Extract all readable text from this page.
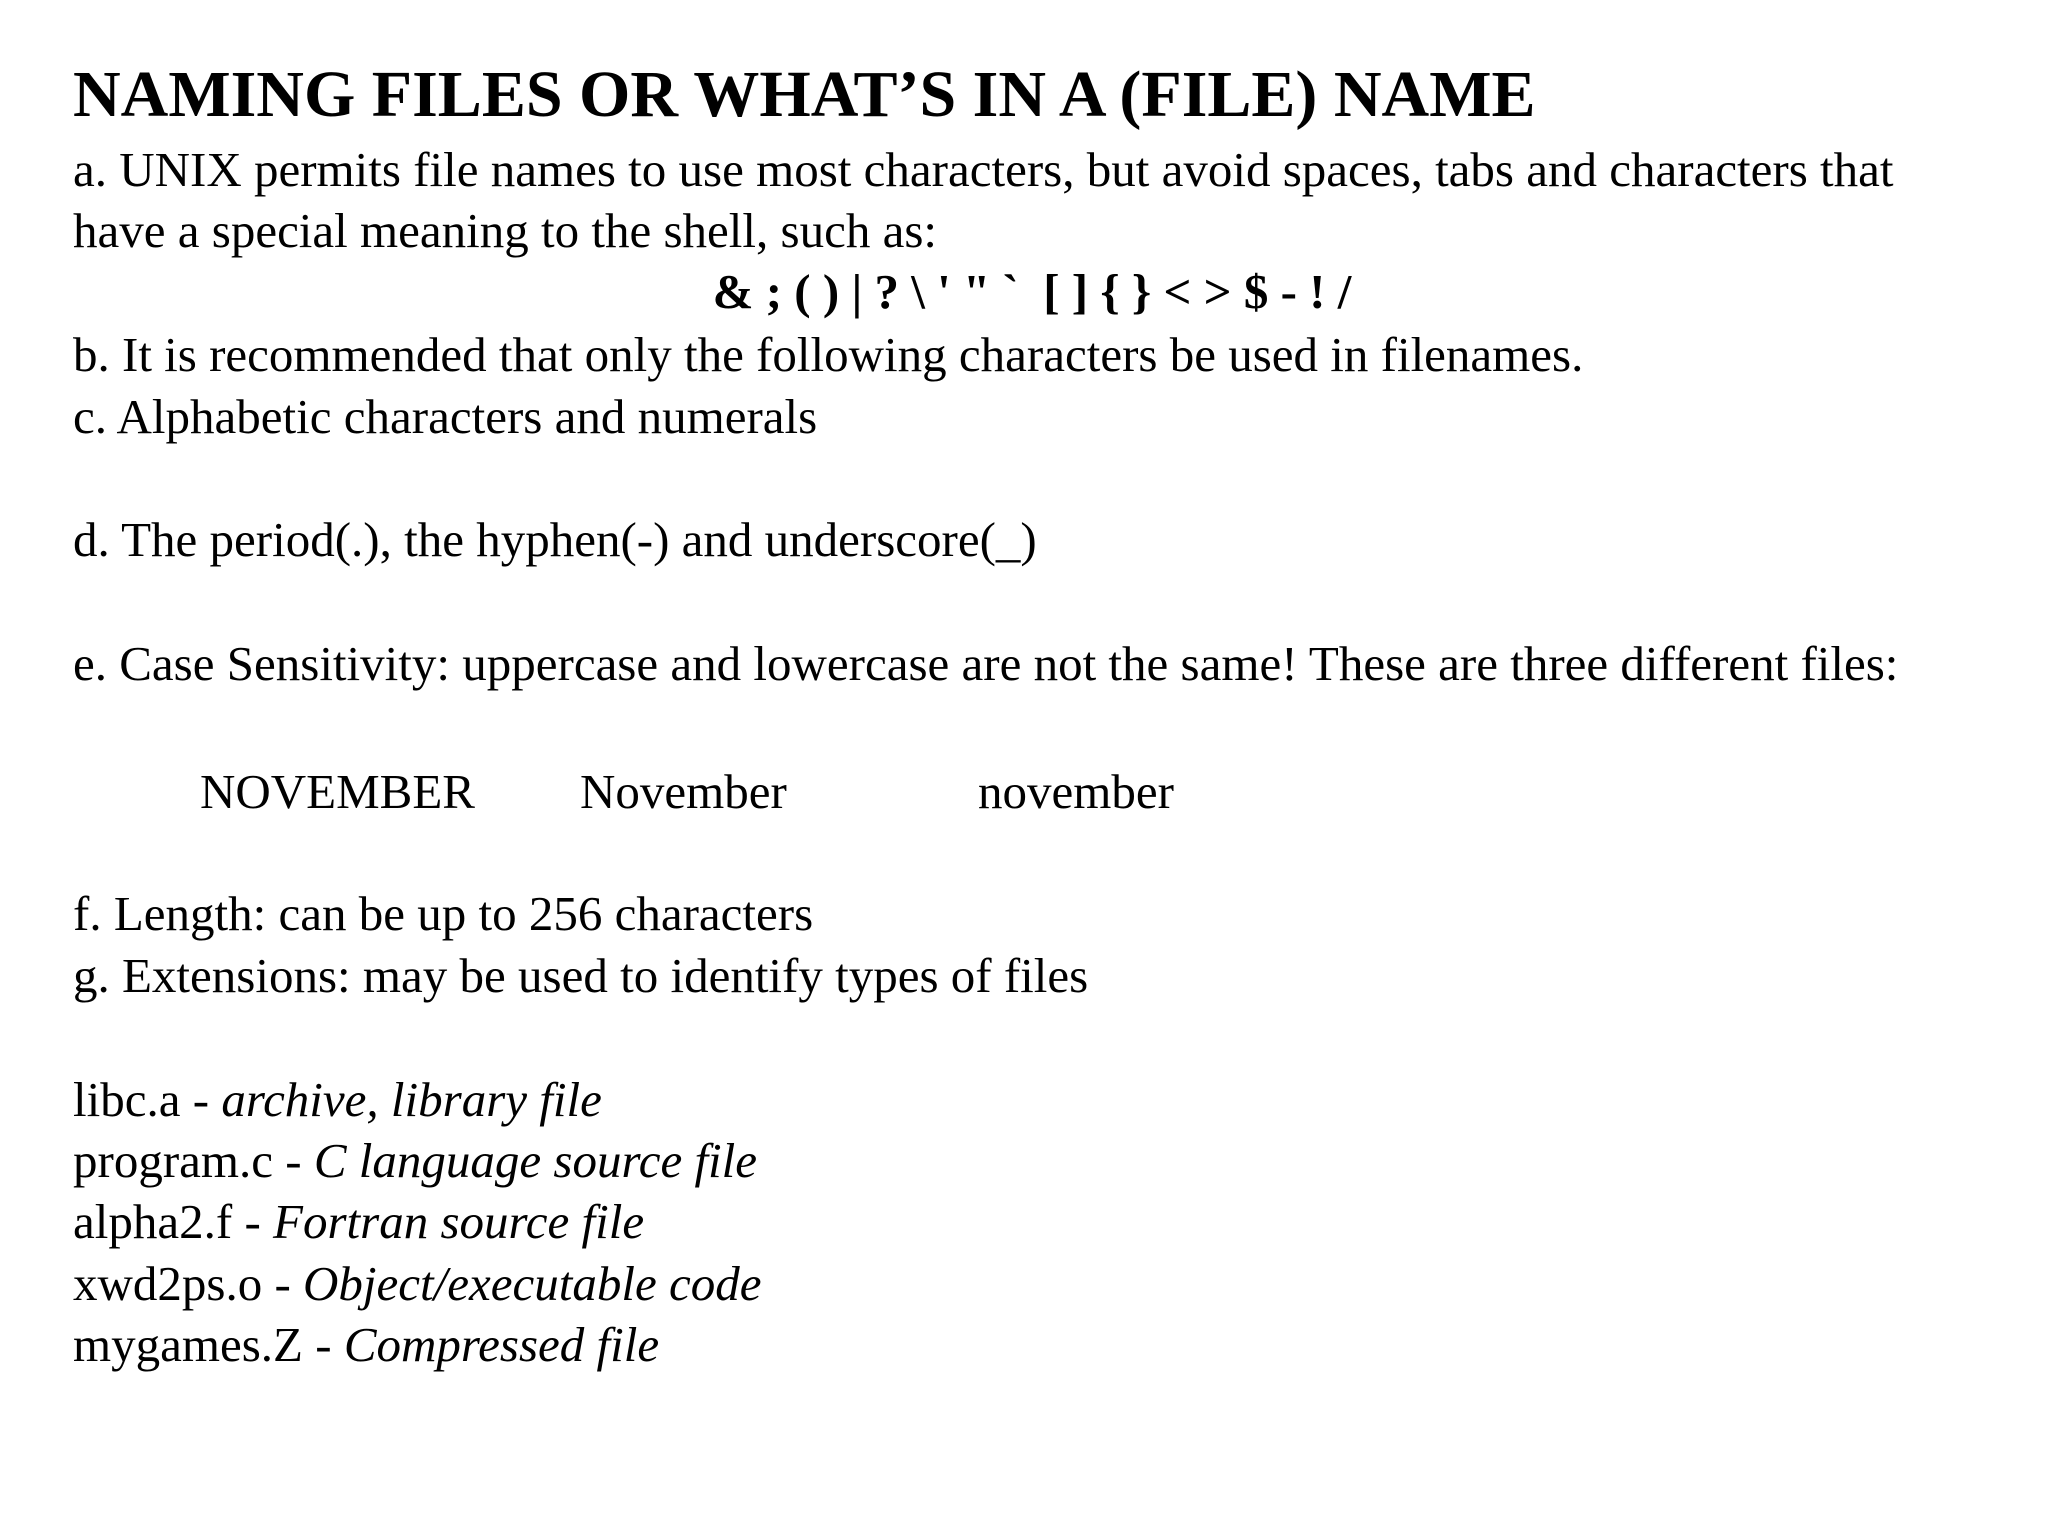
NAMING FILES OR WHAT’S IN A (FILE) NAME
a. UNIX permits file names to use most characters, but avoid spaces, tabs and characters that
have a special meaning to the shell, such as:
& ; ( ) | ? \ ' " `  [ ] { } < > $ - ! /
b. It is recommended that only the following characters be used in filenames.
c. Alphabetic characters and numerals
d. The period(.), the hyphen(-) and underscore(_)
e. Case Sensitivity: uppercase and lowercase are not the same! These are three different files:
NOVEMBER November	november
f. Length: can be up to 256 characters
g. Extensions: may be used to identify types of files
libc.a - archive, library file
program.c - C language source file
alpha2.f - Fortran source file
xwd2ps.o - Object/executable code
mygames.Z - Compressed file
